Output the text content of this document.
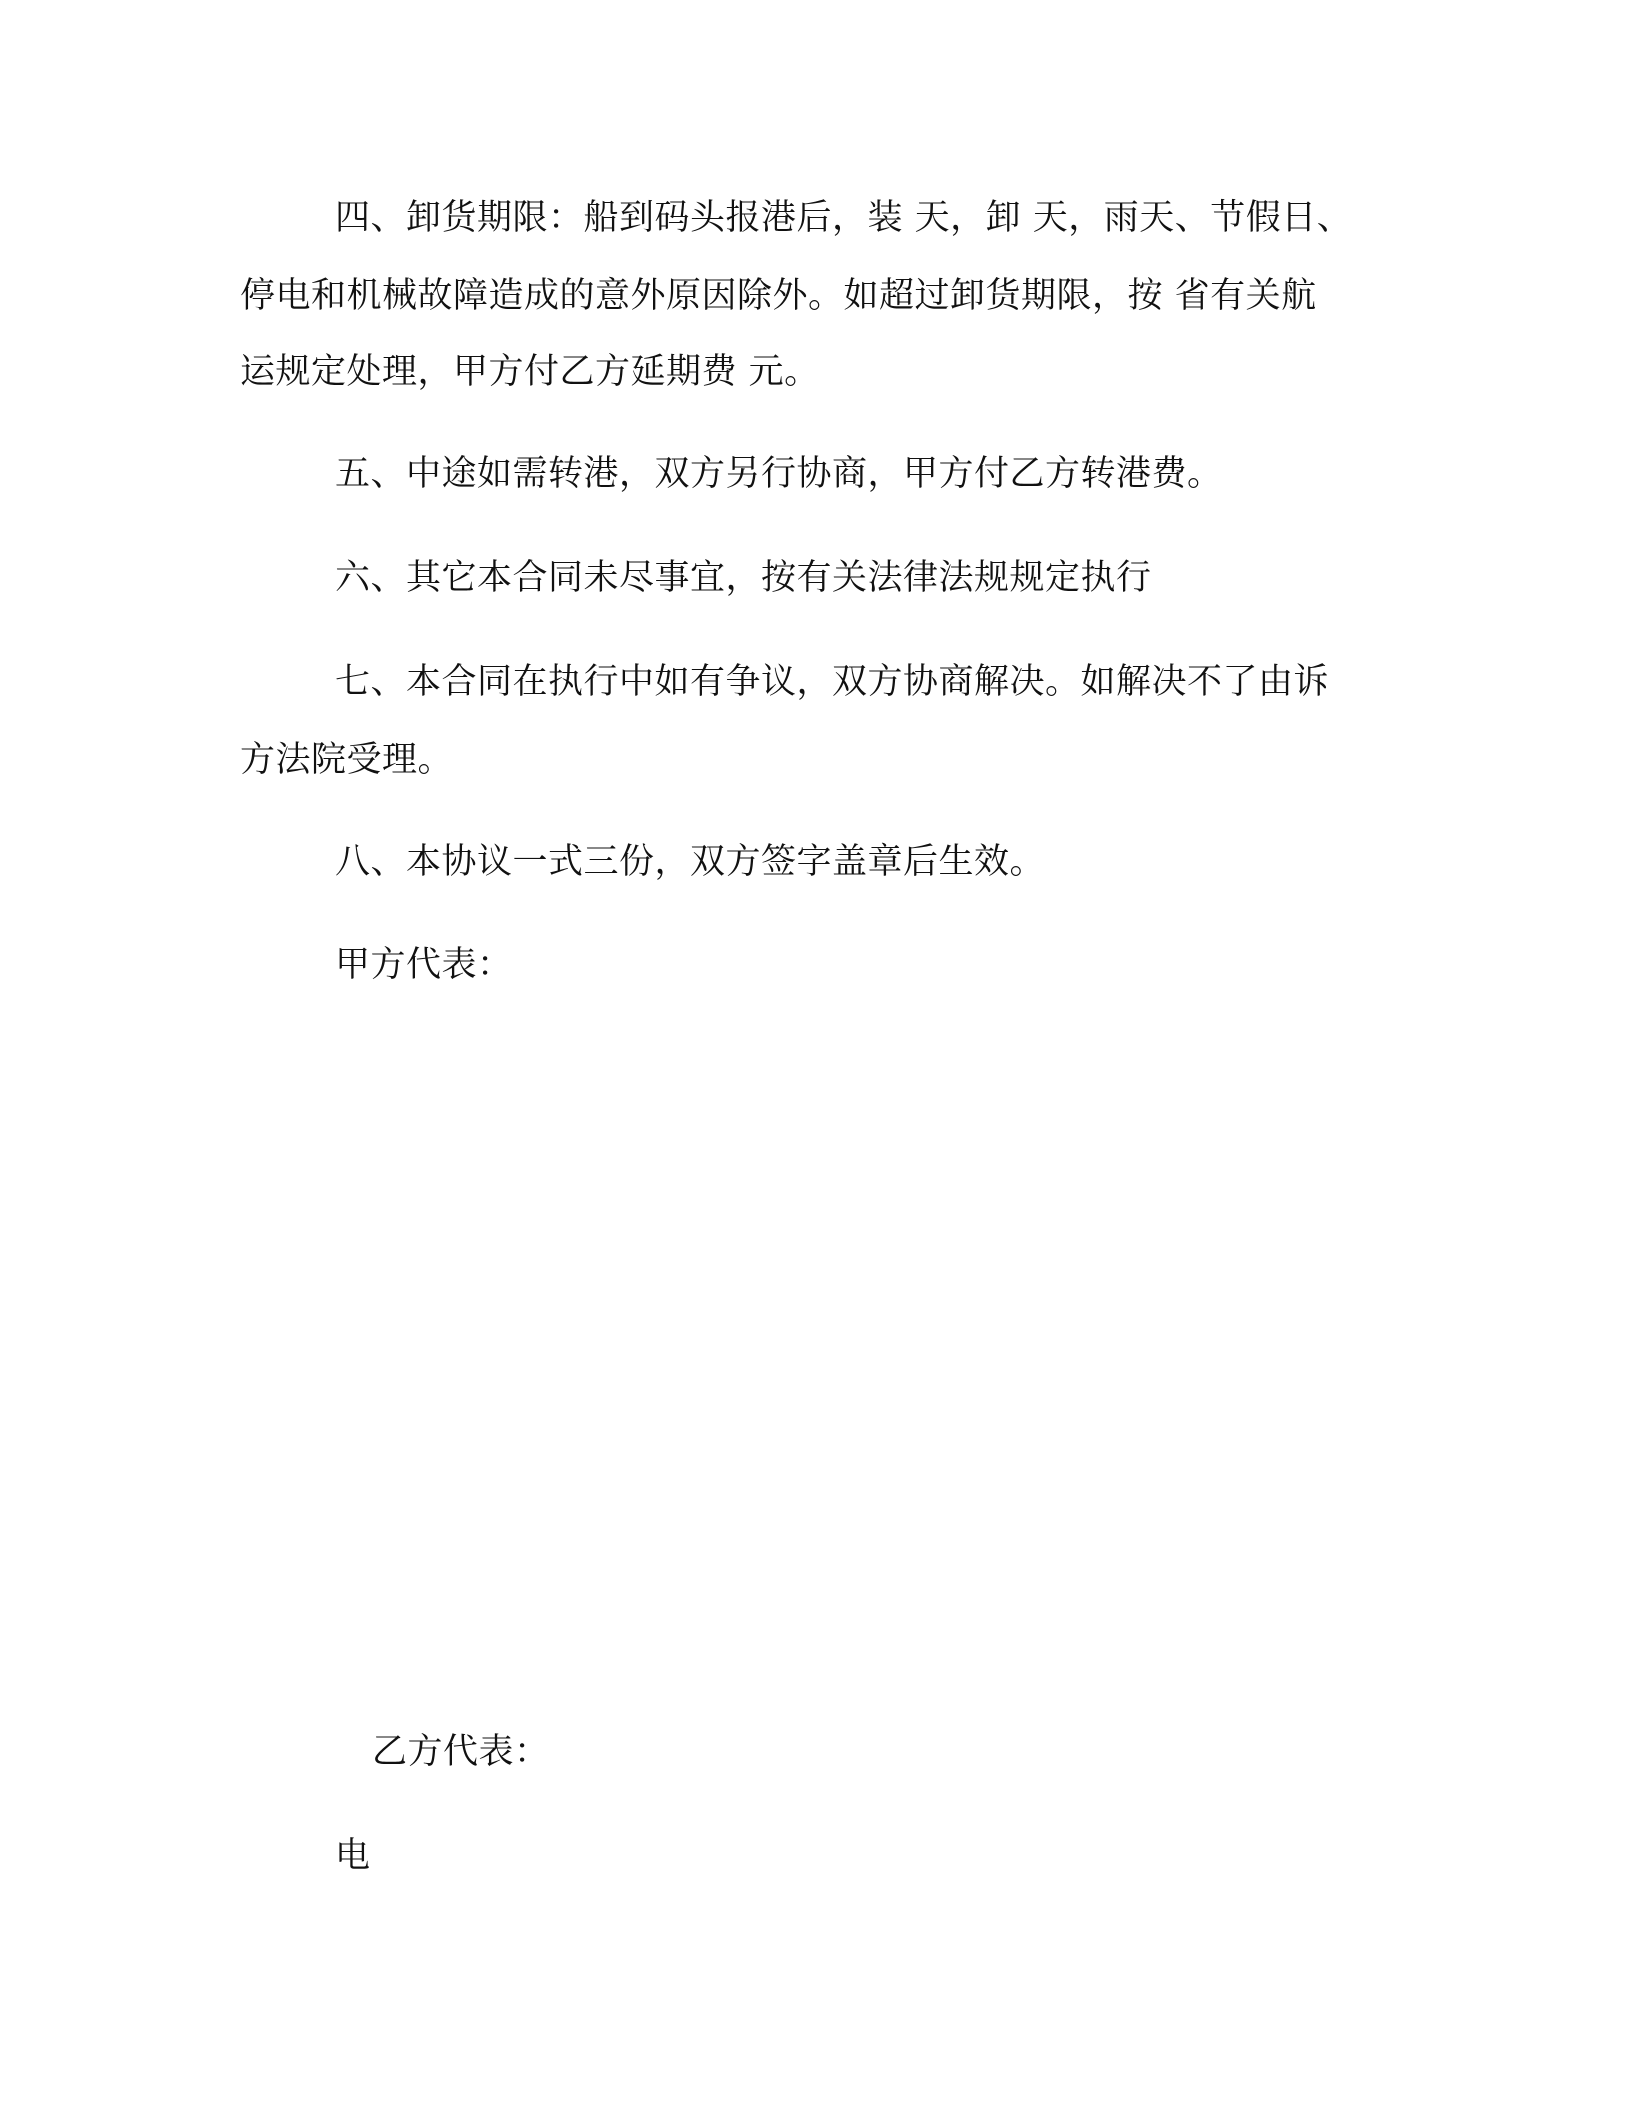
四、卸货期限：船到码头报港后，装 天，卸 天，雨天、节假日、
停电和机械故障造成的意外原因除外。如超过卸货期限，按 省有关航
运规定处理，甲方付乙方延期费 元。
五、中途如需转港，双方另行协商，甲方付乙方转港费。
六、其它本合同未尽事宜，按有关法律法规规定执行
七、本合同在执行中如有争议，双方协商解决。如解决不了由诉
方法院受理。
八、本协议一式三份，双方签字盖章后生效。
甲方代表：
乙方代表：
电
